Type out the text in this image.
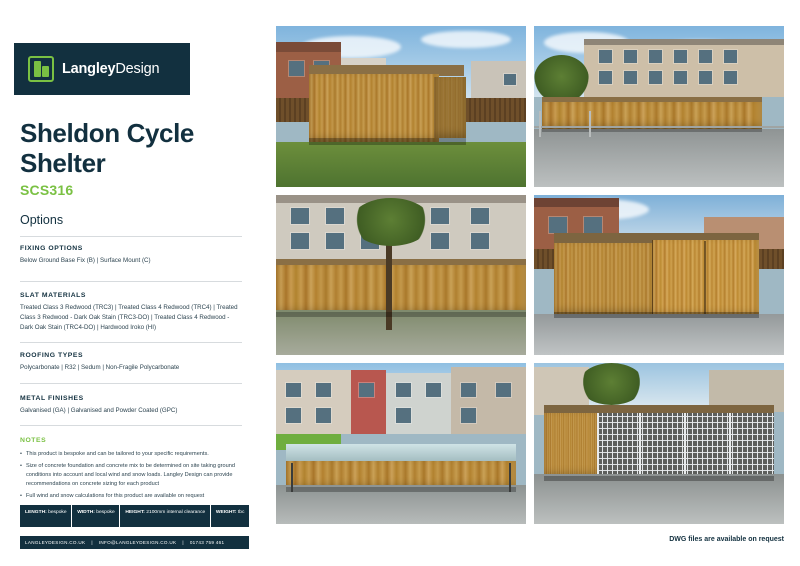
LangleyDesign
Sheldon Cycle Shelter
SCS316
Options
FIXING OPTIONS
Below Ground Base Fix (B) | Surface Mount (C)
SLAT MATERIALS
Treated Class 3 Redwood (TRC3) | Treated Class 4 Redwood (TRC4) | Treated Class 3 Redwood - Dark Oak Stain (TRC3-DO) | Treated Class 4 Redwood - Dark Oak Stain (TRC4-DO) | Hardwood Iroko (HI)
ROOFING TYPES
Polycarbonate | R32 | Sedum | Non-Fragile Polycarbonate
METAL FINISHES
Galvanised (GA) | Galvanised and Powder Coated (GPC)
NOTES
• This product is bespoke and can be tailored to your specific requirements.
• Size of concrete foundation and concrete mix to be determined on site taking ground conditions into account and local wind and snow loads. Langley Design can provide recommendations on concrete sizing for each product
• Full wind and snow calculations for this product are available on request
LENGTH: bespoke	WIDTH: bespoke	HEIGHT: 2100mm internal clearance	WEIGHT: tbc
LANGLEYDESIGN.CO.UK | INFO@LANGLEYDESIGN.CO.UK | 01743 759 461	DWG files are available on request
